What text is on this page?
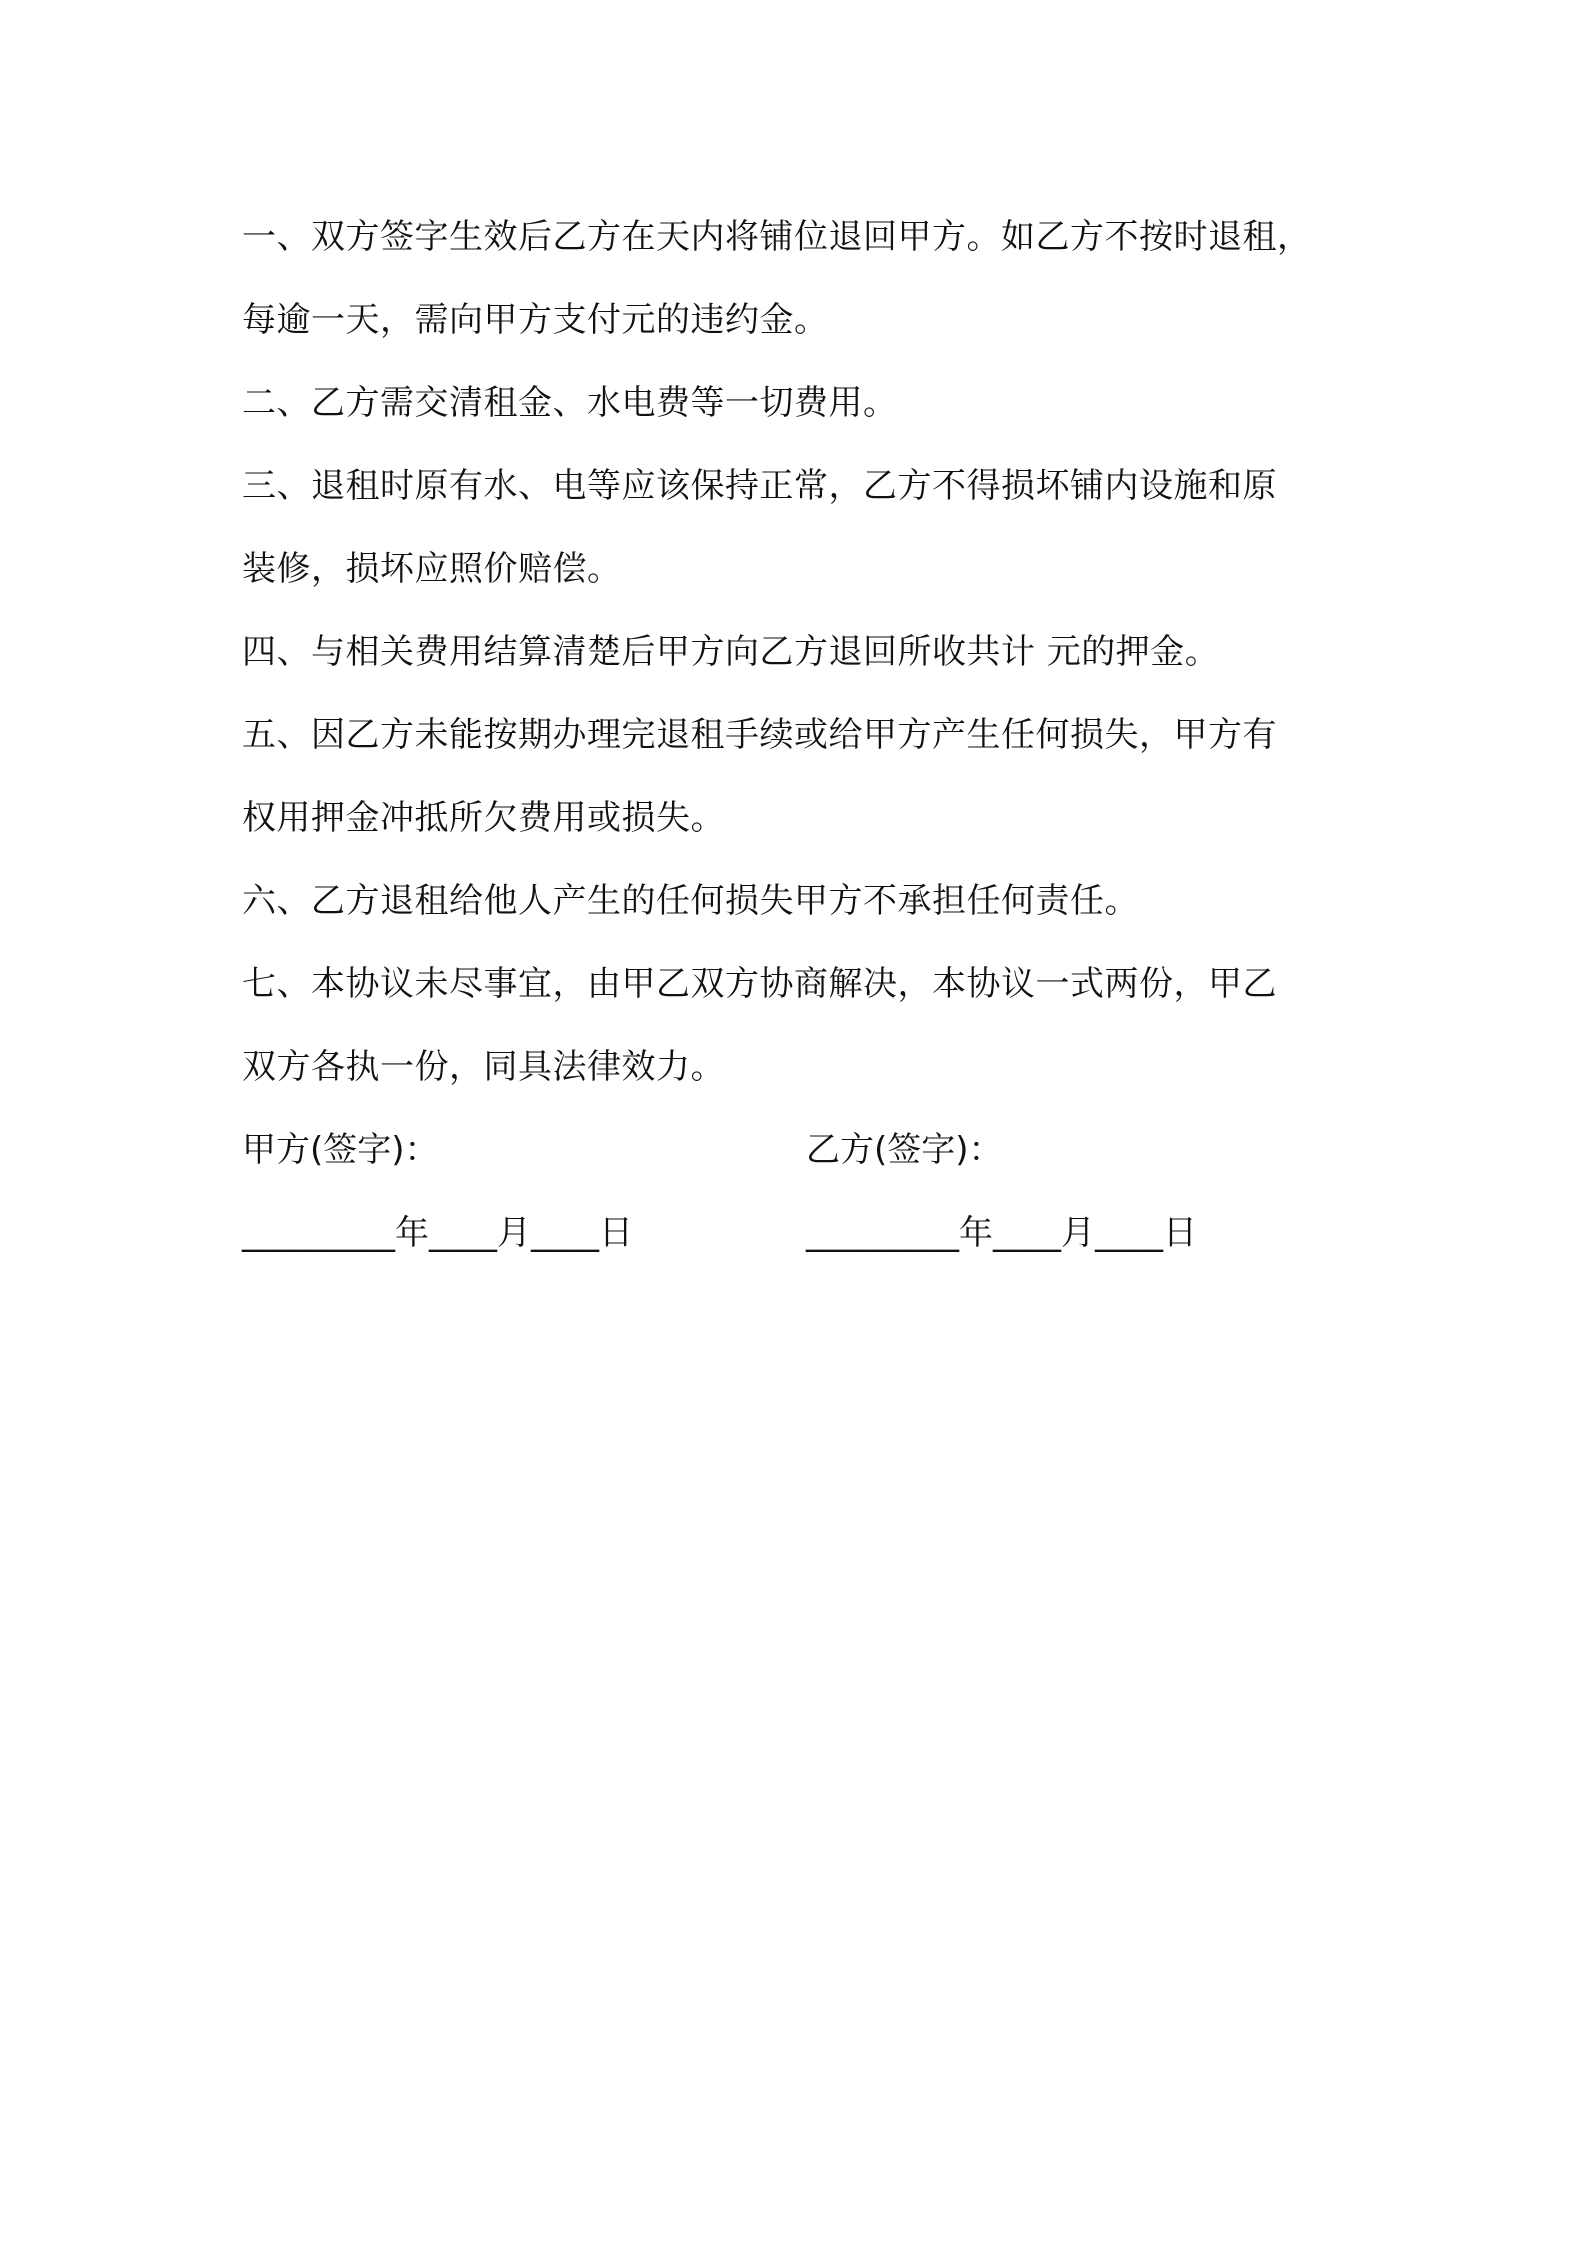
一、双方签字生效后乙方在天内将铺位退回甲方。如乙方不按时退租，
每逾一天，需向甲方支付元的违约金。
二、乙方需交清租金、水电费等一切费用。
三、退租时原有水、电等应该保持正常，乙方不得损坏铺内设施和原
装修，损坏应照价赔偿。
四、与相关费用结算清楚后甲方向乙方退回所收共计 元的押金。
五、因乙方未能按期办理完退租手续或给甲方产生任何损失，甲方有
权用押金冲抵所欠费用或损失。
六、乙方退租给他人产生的任何损失甲方不承担任何责任。
七、本协议未尽事宜，由甲乙双方协商解决，本协议一式两份，甲乙
双方各执一份，同具法律效力。
甲方(签字)：	乙方(签字)：
_________年____月____日	_________年____月____日
